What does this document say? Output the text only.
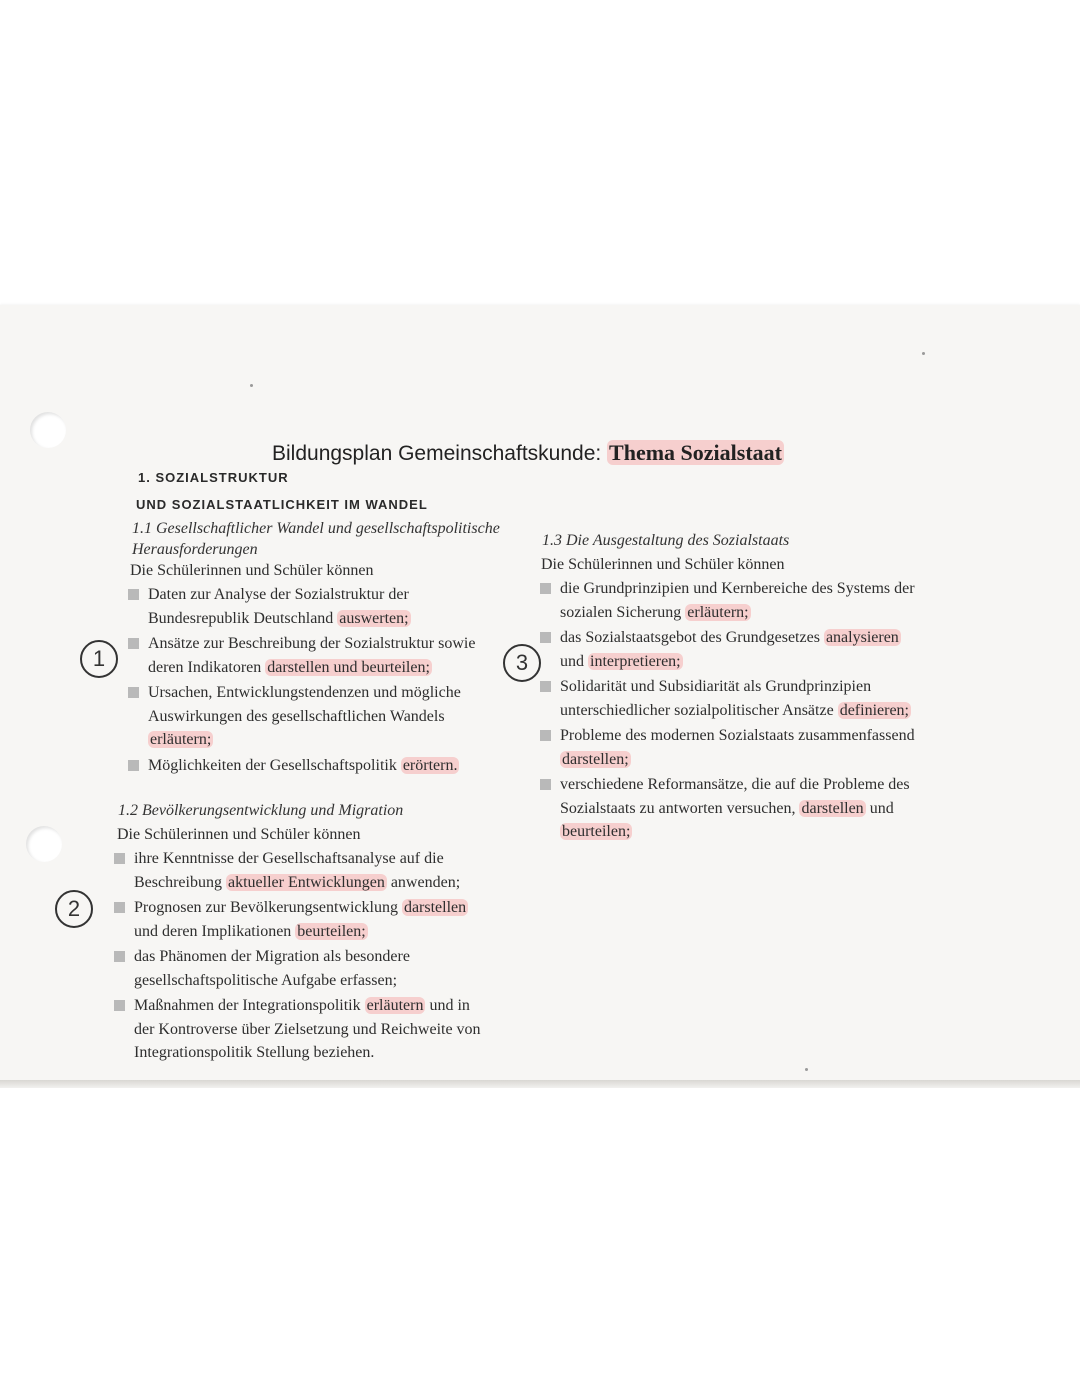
Bildungsplan Gemeinschaftskunde: Thema Sozialstaat
1. SOZIALSTRUKTUR
UND SOZIALSTAATLICHKEIT IM WANDEL
1.1 Gesellschaftlicher Wandel und gesellschaftspolitische Herausforderungen
Die Schülerinnen und Schüler können
Daten zur Analyse der Sozialstruktur der Bundesrepublik Deutschland auswerten;
Ansätze zur Beschreibung der Sozialstruktur sowie deren Indikatoren darstellen und beurteilen;
Ursachen, Entwicklungstendenzen und mögliche Auswirkungen des gesellschaftlichen Wandels erläutern;
Möglichkeiten der Gesellschaftspolitik erörtern.
1.2 Bevölkerungsentwicklung und Migration
Die Schülerinnen und Schüler können
ihre Kenntnisse der Gesellschaftsanalyse auf die Beschreibung aktueller Entwicklungen anwenden;
Prognosen zur Bevölkerungsentwicklung darstellen und deren Implikationen beurteilen;
das Phänomen der Migration als besondere gesellschaftspolitische Aufgabe erfassen;
Maßnahmen der Integrationspolitik erläutern und in der Kontroverse über Zielsetzung und Reichweite von Integrationspolitik Stellung beziehen.
1.3 Die Ausgestaltung des Sozialstaats
Die Schülerinnen und Schüler können
die Grundprinzipien und Kernbereiche des Systems der sozialen Sicherung erläutern;
das Sozialstaatsgebot des Grundgesetzes analysieren und interpretieren;
Solidarität und Subsidiarität als Grundprinzipien unterschiedlicher sozialpolitischer Ansätze definieren;
Probleme des modernen Sozialstaats zusammenfassend darstellen;
verschiedene Reformansätze, die auf die Probleme des Sozialstaats zu antworten versuchen, darstellen und beurteilen;
1
2
3
